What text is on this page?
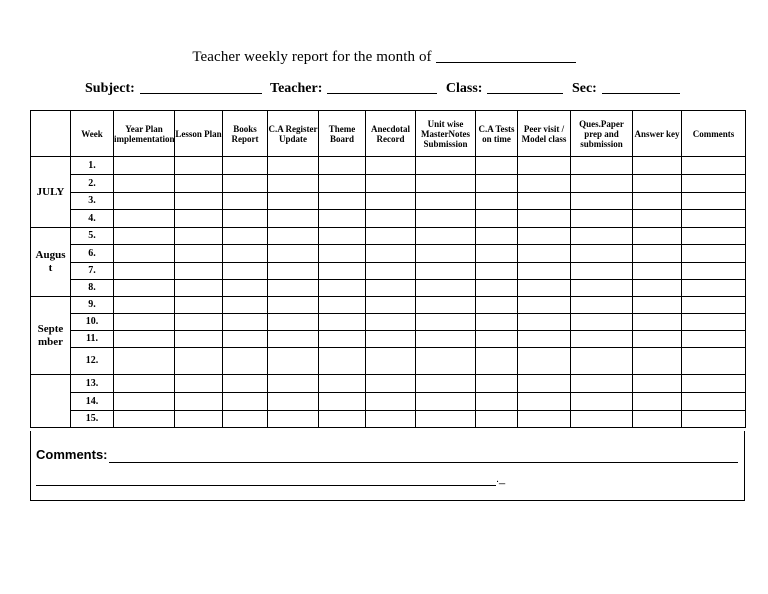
Teacher weekly report for the month of
Subject:	Teacher:	Class:	Sec:
	Week	Year Plan implementation	Lesson Plan	Books Report	C.A Register Update	Theme Board	Anecdotal Record	Unit wise MasterNotes Submission	C.A Tests on time	Peer visit / Model class	Ques.Paper prep and submission	Answer key	Comments
JULY	1.												
	2.												
	3.												
	4.												
August	5.												
	6.												
	7.												
	8.												
September	9.												
	10.												
	11.												
	12.												
	13.												
	14.												
	15.												
Comments:
._
